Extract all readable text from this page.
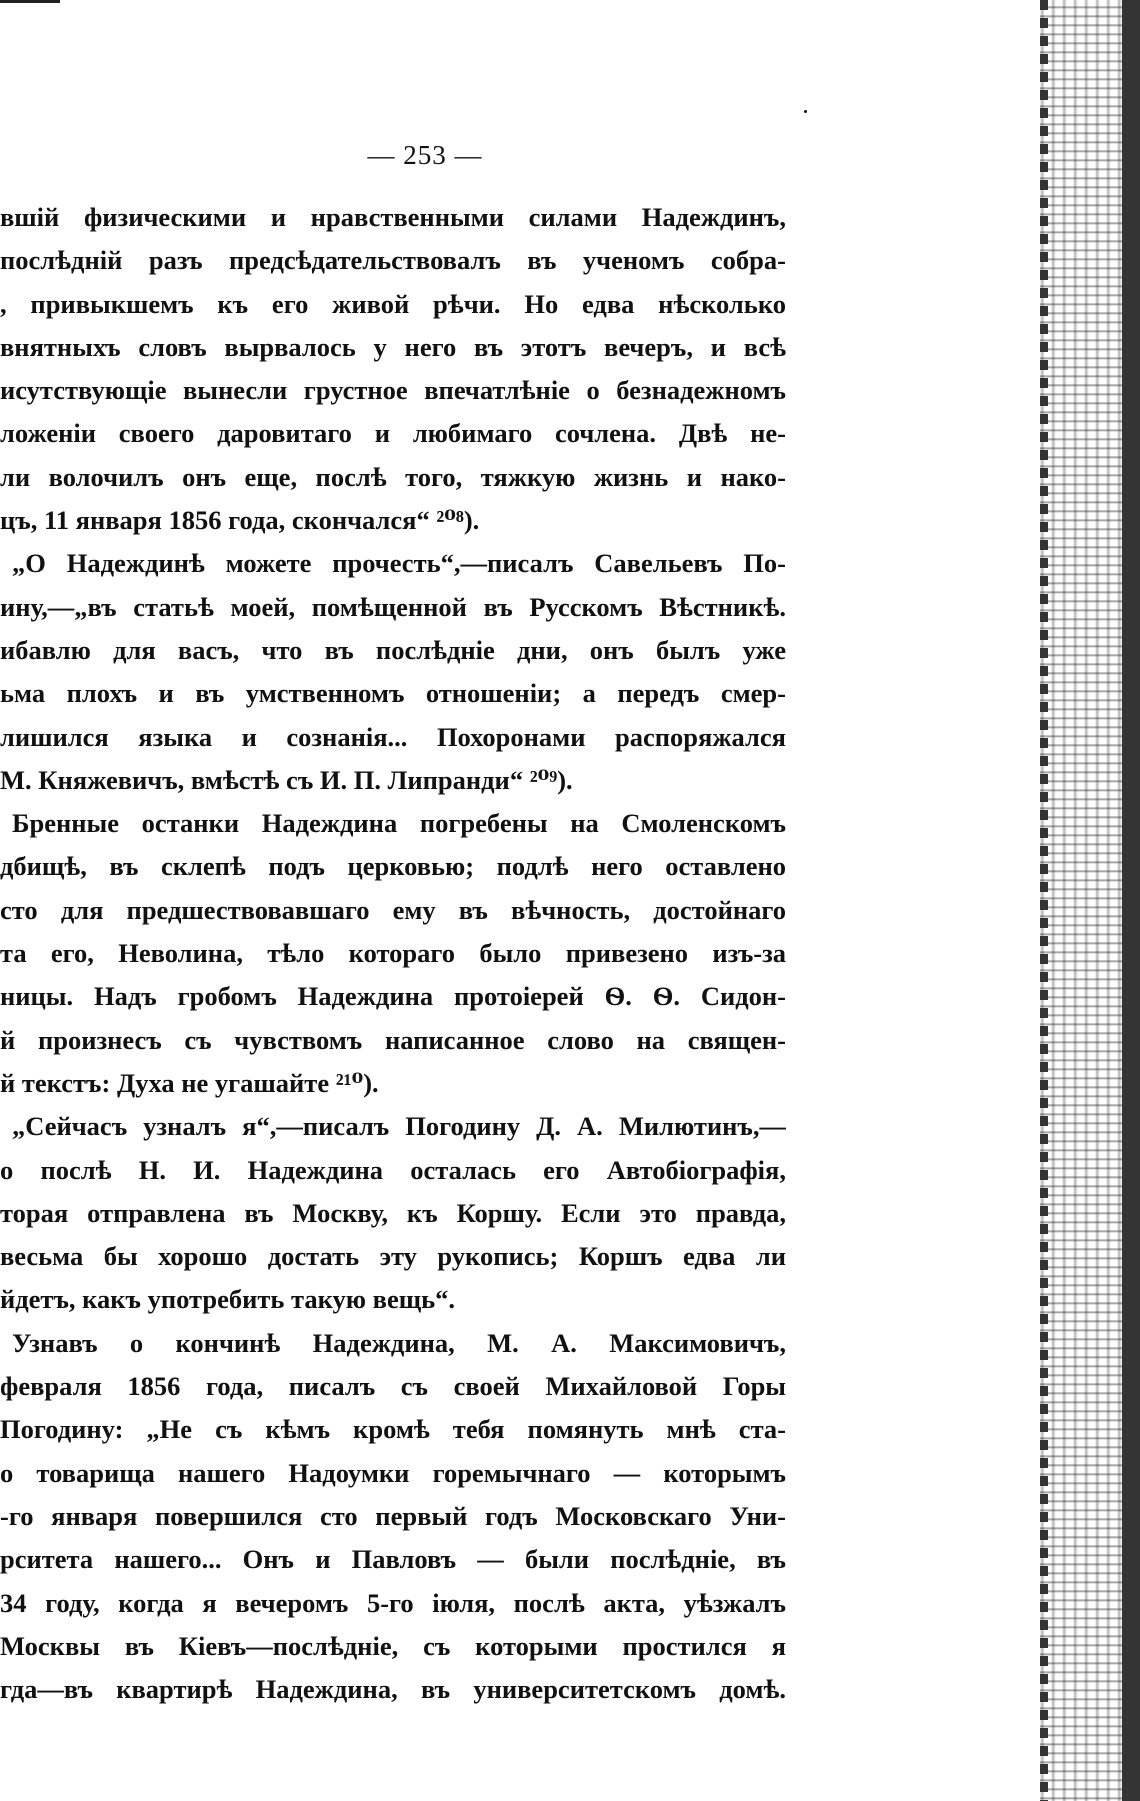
— 253 —
вшій физическими и нравственными силами Надеждинъ,
послѣдній разъ предсѣдательствовалъ въ ученомъ собра-
, привыкшемъ къ его живой рѣчи. Но едва нѣсколько
внятныхъ словъ вырвалось у него въ этотъ вечеръ, и всѣ
исутствующіе вынесли грустное впечатлѣніе о безнадежномъ
ложеніи своего даровитаго и любимаго сочлена. Двѣ не-
ли волочилъ онъ еще, послѣ того, тяжкую жизнь и нако-
цъ, 11 января 1856 года, скончался“ ²⁰⁸).
„О Надеждинѣ можете прочесть“,—писалъ Савельевъ По-
ину,—„въ статьѣ моей, помѣщенной въ Русскомъ Вѣстникѣ.
ибавлю для васъ, что въ послѣдніе дни, онъ былъ уже
ьма плохъ и въ умственномъ отношеніи; а передъ смер-
лишился языка и сознанія... Похоронами распоряжался
М. Княжевичъ, вмѣстѣ съ И. П. Липранди“ ²⁰⁹).
Бренные останки Надеждина погребены на Смоленскомъ
дбищѣ, въ склепѣ подъ церковью; подлѣ него оставлено
сто для предшествовавшаго ему въ вѣчность, достойнаго
та его, Неволина, тѣло котораго было привезено изъ-за
ницы. Надъ гробомъ Надеждина протоіерей Ѳ. Ѳ. Сидон-
й произнесъ съ чувствомъ написанное слово на священ-
й текстъ: Духа не угашайте ²¹⁰).
„Сейчасъ узналъ я“,—писалъ Погодину Д. А. Милютинъ,—
о послѣ Н. И. Надеждина осталась его Автобіографія,
торая отправлена въ Москву, къ Коршу. Если это правда,
весьма бы хорошо достать эту рукопись; Коршъ едва ли
йдетъ, какъ употребить такую вещь“.
Узнавъ о кончинѣ Надеждина, М. А. Максимовичъ,
февраля 1856 года, писалъ съ своей Михайловой Горы
Погодину: „Не съ кѣмъ кромѣ тебя помянуть мнѣ ста-
о товарища нашего Надоумки горемычнаго — которымъ
-го января повершился сто первый годъ Московскаго Уни-
рситета нашего... Онъ и Павловъ — были послѣдніе, въ
34 году, когда я вечеромъ 5-го іюля, послѣ акта, уѣзжалъ
Москвы въ Кіевъ—послѣдніе, съ которыми простился я
гда—въ квартирѣ Надеждина, въ университетскомъ домѣ.
